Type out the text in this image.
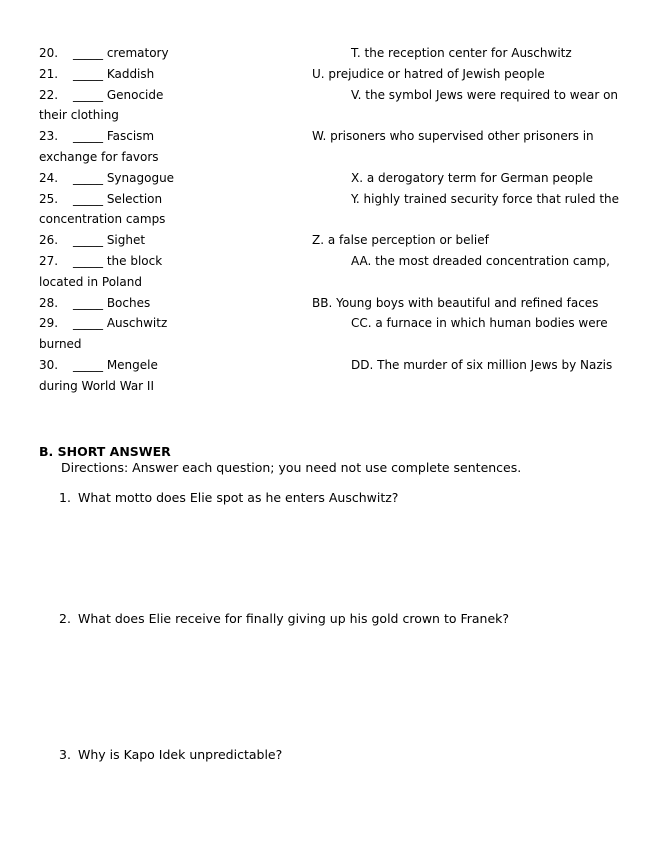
20. _____ crematory	T. the reception center for Auschwitz
21. _____ Kaddish	U. prejudice or hatred of Jewish people
22. _____ Genocide	V. the symbol Jews were required to wear on
their clothing
23. _____ Fascism	W. prisoners who supervised other prisoners in
exchange for favors
24. _____ Synagogue	X. a derogatory term for German people
25. _____ Selection	Y. highly trained security force that ruled the
concentration camps
26. _____ Sighet	Z. a false perception or belief
27. _____ the block	AA. the most dreaded concentration camp,
located in Poland
28. _____ Boches	BB. Young boys with beautiful and refined faces
29. _____ Auschwitz	CC. a furnace in which human bodies were
burned
30. _____ Mengele	DD. The murder of six million Jews by Nazis
during World War II
B. SHORT ANSWER
Directions: Answer each question; you need not use complete sentences.
1. What motto does Elie spot as he enters Auschwitz?
2. What does Elie receive for finally giving up his gold crown to Franek?
3. Why is Kapo Idek unpredictable?
